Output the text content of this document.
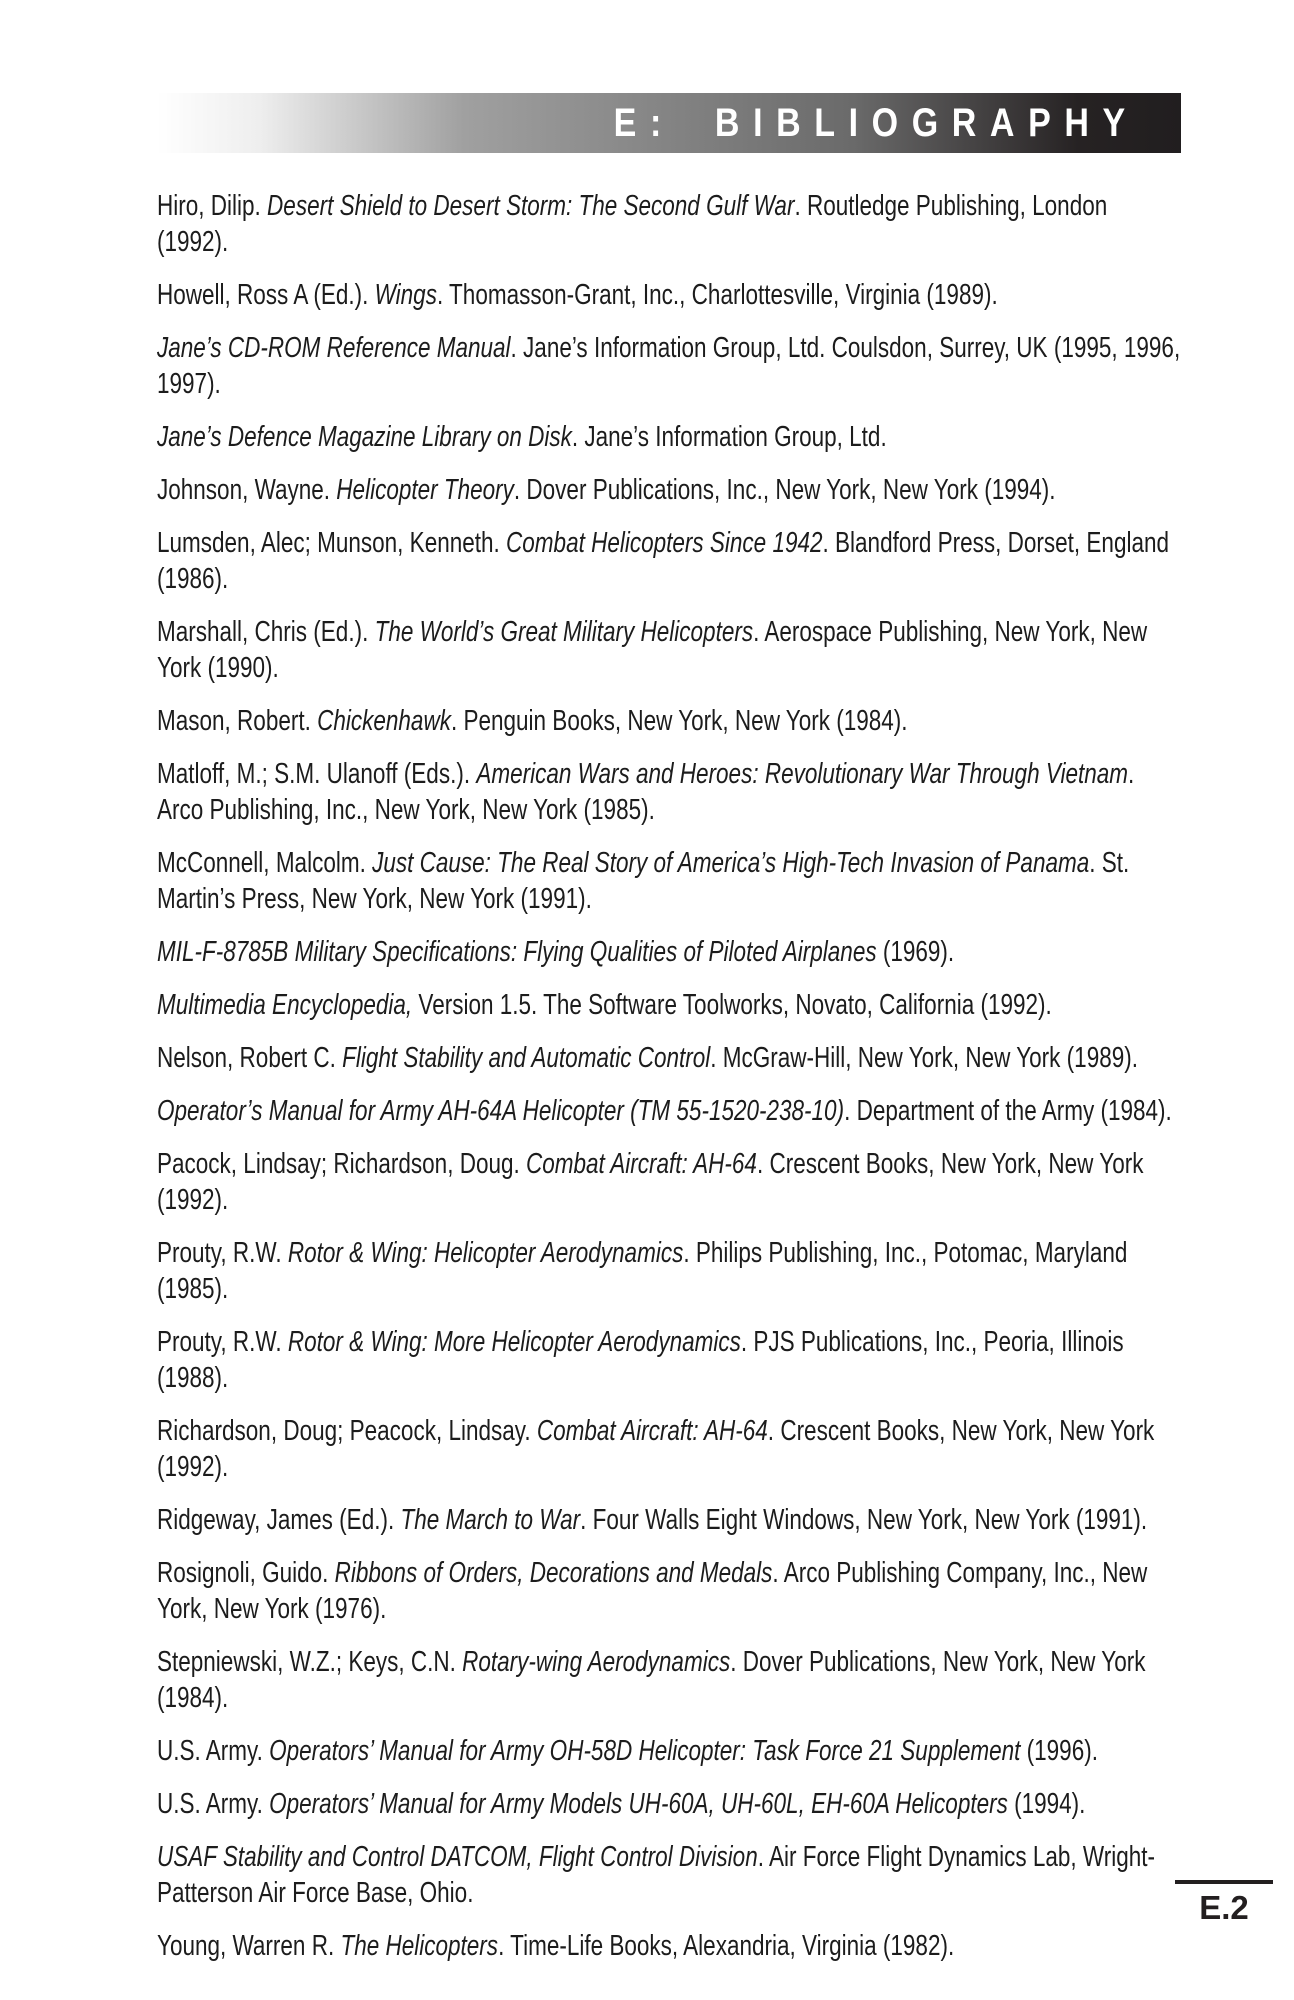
E: BIBLIOGRAPHY

Hiro, Dilip. Desert Shield to Desert Storm: The Second Gulf War. Routledge Publishing, London (1992).

Howell, Ross A (Ed.). Wings. Thomasson-Grant, Inc., Charlottesville, Virginia (1989).

Jane’s CD-ROM Reference Manual. Jane’s Information Group, Ltd. Coulsdon, Surrey, UK (1995, 1996, 1997).

Jane’s Defence Magazine Library on Disk. Jane’s Information Group, Ltd.

Johnson, Wayne. Helicopter Theory. Dover Publications, Inc., New York, New York (1994).

Lumsden, Alec; Munson, Kenneth. Combat Helicopters Since 1942. Blandford Press, Dorset, England (1986).

Marshall, Chris (Ed.). The World’s Great Military Helicopters. Aerospace Publishing, New York, New York (1990).

Mason, Robert. Chickenhawk. Penguin Books, New York, New York (1984).

Matloff, M.; S.M. Ulanoff (Eds.). American Wars and Heroes: Revolutionary War Through Vietnam. Arco Publishing, Inc., New York, New York (1985).

McConnell, Malcolm. Just Cause: The Real Story of America’s High-Tech Invasion of Panama. St. Martin’s Press, New York, New York (1991).

MIL-F-8785B Military Specifications: Flying Qualities of Piloted Airplanes (1969).

Multimedia Encyclopedia, Version 1.5. The Software Toolworks, Novato, California (1992).

Nelson, Robert C. Flight Stability and Automatic Control. McGraw-Hill, New York, New York (1989).

Operator’s Manual for Army AH-64A Helicopter (TM 55-1520-238-10). Department of the Army (1984).

Pacock, Lindsay; Richardson, Doug. Combat Aircraft: AH-64. Crescent Books, New York, New York (1992).

Prouty, R.W. Rotor & Wing: Helicopter Aerodynamics. Philips Publishing, Inc., Potomac, Maryland (1985).

Prouty, R.W. Rotor & Wing: More Helicopter Aerodynamics. PJS Publications, Inc., Peoria, Illinois (1988).

Richardson, Doug; Peacock, Lindsay. Combat Aircraft: AH-64. Crescent Books, New York, New York (1992).

Ridgeway, James (Ed.). The March to War. Four Walls Eight Windows, New York, New York (1991).

Rosignoli, Guido. Ribbons of Orders, Decorations and Medals. Arco Publishing Company, Inc., New York, New York (1976).

Stepniewski, W.Z.; Keys, C.N. Rotary-wing Aerodynamics. Dover Publications, New York, New York (1984).

U.S. Army. Operators’ Manual for Army OH-58D Helicopter: Task Force 21 Supplement (1996).

U.S. Army. Operators’ Manual for Army Models UH-60A, UH-60L, EH-60A Helicopters (1994).

USAF Stability and Control DATCOM, Flight Control Division. Air Force Flight Dynamics Lab, Wright-Patterson Air Force Base, Ohio.

Young, Warren R. The Helicopters. Time-Life Books, Alexandria, Virginia (1982).

E.2
